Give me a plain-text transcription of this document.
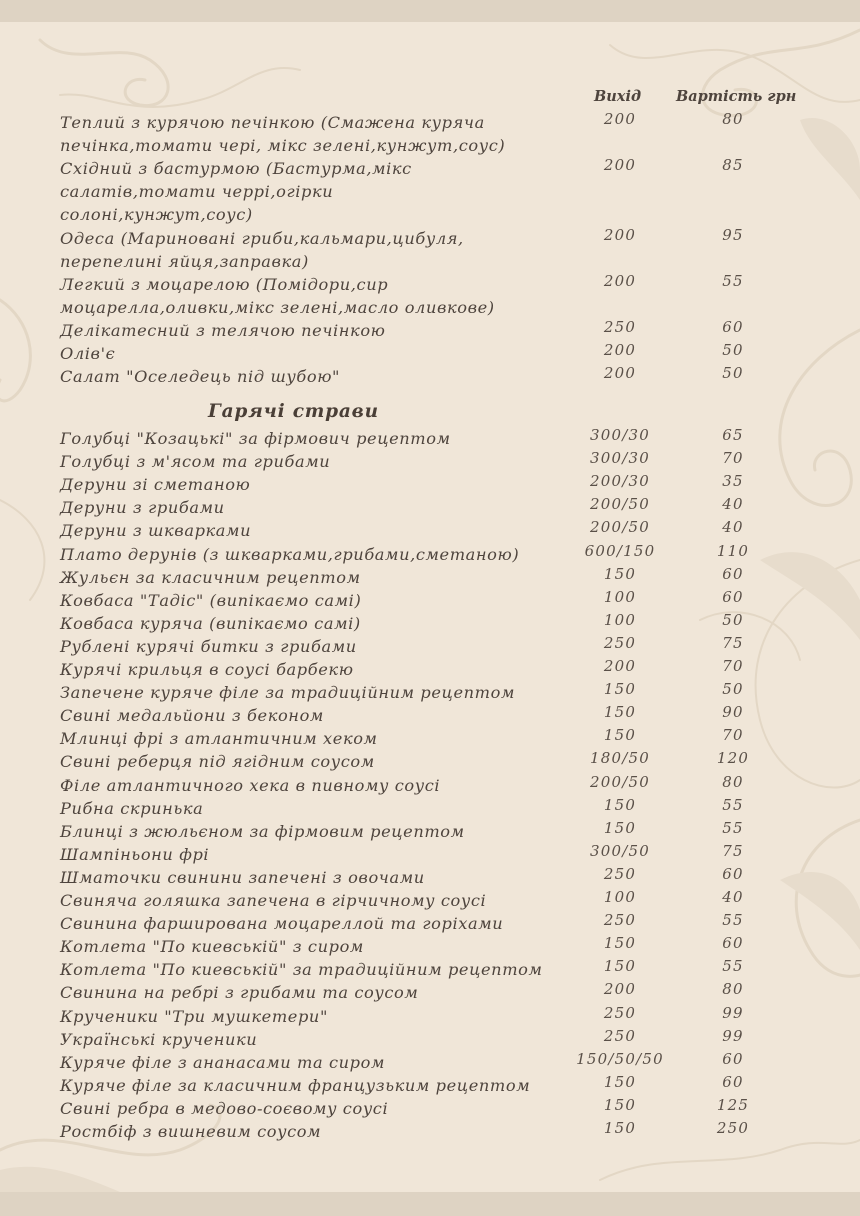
Вихід Вартість грн
Теплий з курячою печінкою (Смажена куряча
печінка,томати чері, мікс зелені,кунжут,соус)
200	80
Східний з бастурмою (Бастурма,мікс
салатів,томати черрі,огірки
солоні,кунжут,соус)
200	85
Одеса (Мариновані гриби,кальмари,цибуля,
перепелині яйця,заправка)
200	95
Легкий з моцарелою (Помідори,сир
моцарелла,оливки,мікс зелені,масло оливкове)
200	55
Делікатесний з телячою печінкою	250	60
Олів'є	200	50
Салат "Оселедець під шубою"	200	50
Гарячі страви
Голубці "Козацькі" за фірмович рецептом	300/30	65
Голубці з м'ясом та грибами	300/30	70
Деруни зі сметаною	200/30	35
Деруни з грибами	200/50	40
Деруни з шкварками	200/50	40
Плато дерунів (з шкварками,грибами,сметаною)	600/150	110
Жульєн за класичним рецептом	150	60
Ковбаса "Тадіс" (випікаємо самі)	100	60
Ковбаса куряча (випікаємо самі)	100	50
Рублені курячі битки з грибами	250	75
Курячі крильця в соусі барбекю	200	70
Запечене куряче філе за традиційним рецептом	150	50
Свині медальйони з беконом	150	90
Млинці фрі з атлантичним хеком	150	70
Свині реберця під ягідним соусом	180/50	120
Філе атлантичного хека в пивному соусі	200/50	80
Рибна скринька	150	55
Блинці з жюльєном за фірмовим рецептом	150	55
Шампіньони фрі	300/50	75
Шматочки свинини запечені з овочами	250	60
Свиняча голяшка запечена в гірчичному соусі	100	40
Свинина фарширована моцареллой та горіхами	250	55
Котлета "По киевській" з сиром	150	60
Котлета "По киевській" за традиційним рецептом	150	55
Свинина на ребрі з грибами та соусом	200	80
Крученики "Три мушкетери"	250	99
Українські крученики	250	99
Куряче філе з ананасами та сиром	150/50/50	60
Куряче філе за класичним французьким рецептом	150	60
Свині ребра в медово-соєвому соусі	150	125
Ростбіф з вишневим соусом	150	250
